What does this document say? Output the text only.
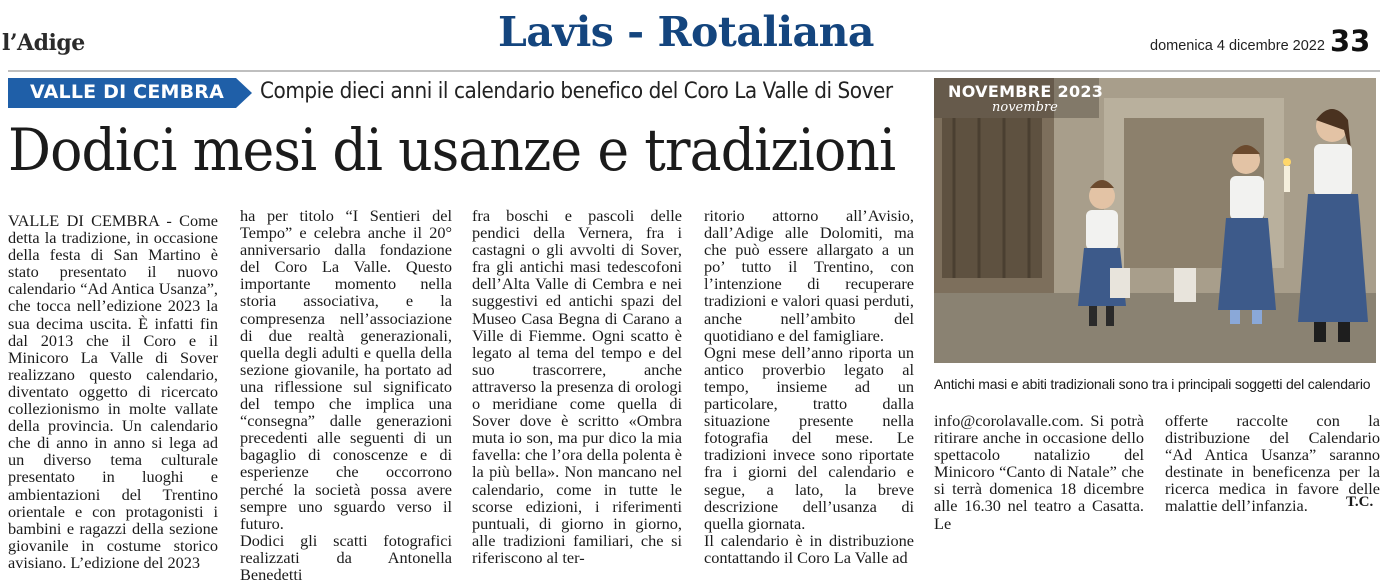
l’Adige	Lavis - Rotaliana	domenica 4 dicembre 2022 33
VALLE DI CEMBRA Compie dieci anni il calendario benefico del Coro La Valle di Sover
Dodici mesi di usanze e tradizioni

VALLE DI CEMBRA - Come detta la tradizione, in occasione della festa di San Martino è stato presentato il nuovo calendario “Ad Antica Usanza”, che tocca nell’edizione 2023 la sua decima uscita. È infatti fin dal 2013 che il Coro e il Minicoro La Valle di Sover realizzano questo calendario, diventato oggetto di ricercato collezionismo in molte vallate della provincia. Un calendario che di anno in anno si lega ad un diverso tema culturale presentato in luoghi e ambientazioni del Trentino orientale e con protagonisti i bambini e ragazzi della sezione giovanile in costume storico avisiano. L’edizione del 2023

ha per titolo “I Sentieri del Tempo” e celebra anche il 20° anniversario dalla fondazione del Coro La Valle. Questo importante momento nella storia associativa, e la compresenza nell’associazione di due realtà generazionali, quella degli adulti e quella della sezione giovanile, ha portato ad una riflessione sul significato del tempo che implica una “consegna” dalle generazioni precedenti alle seguenti di un bagaglio di conoscenze e di esperienze che occorrono perché la società possa avere sempre uno sguardo verso il futuro.

Dodici gli scatti fotografici realizzati da Antonella Benedetti

fra boschi e pascoli delle pendici della Vernera, fra i castagni o gli avvolti di Sover, fra gli antichi masi tedescofoni dell’Alta Valle di Cembra e nei suggestivi ed antichi spazi del Museo Casa Begna di Carano a Ville di Fiemme. Ogni scatto è legato al tema del tempo e del suo trascorrere, anche attraverso la presenza di orologi o meridiane come quella di Sover dove è scritto «Ombra muta io son, ma pur dico la mia favella: che l’ora della polenta è la più bella». Non mancano nel calendario, come in tutte le scorse edizioni, i riferimenti puntuali, di giorno in giorno, alle tradizioni familiari, che si riferiscono al ter-

ritorio attorno all’Avisio, dall’Adige alle Dolomiti, ma che può essere allargato a un po’ tutto il Trentino, con l’intenzione di recuperare tradizioni e valori quasi perduti, anche nell’ambito del quotidiano e del famigliare.

Ogni mese dell’anno riporta un antico proverbio legato al tempo, insieme ad un particolare, tratto dalla situazione presente nella fotografia del mese. Le tradizioni invece sono riportate fra i giorni del calendario e segue, a lato, la breve descrizione dell’usanza di quella giornata.

Il calendario è in distribuzione contattando il Coro La Valle ad

info@corolavalle.com. Si potrà ritirare anche in occasione dello spettacolo natalizio del Minicoro “Canto di Natale” che si terrà domenica 18 dicembre alle 16.30 nel teatro a Casatta. Le

offerte raccolte con la distribuzione del Calendario “Ad Antica Usanza” saranno destinate in beneficenza per la ricerca medica in favore delle malattie dell’infanzia.	T.C.
NOVEMBRE 2023
novembre
Antichi masi e abiti tradizionali sono tra i principali soggetti del calendario
